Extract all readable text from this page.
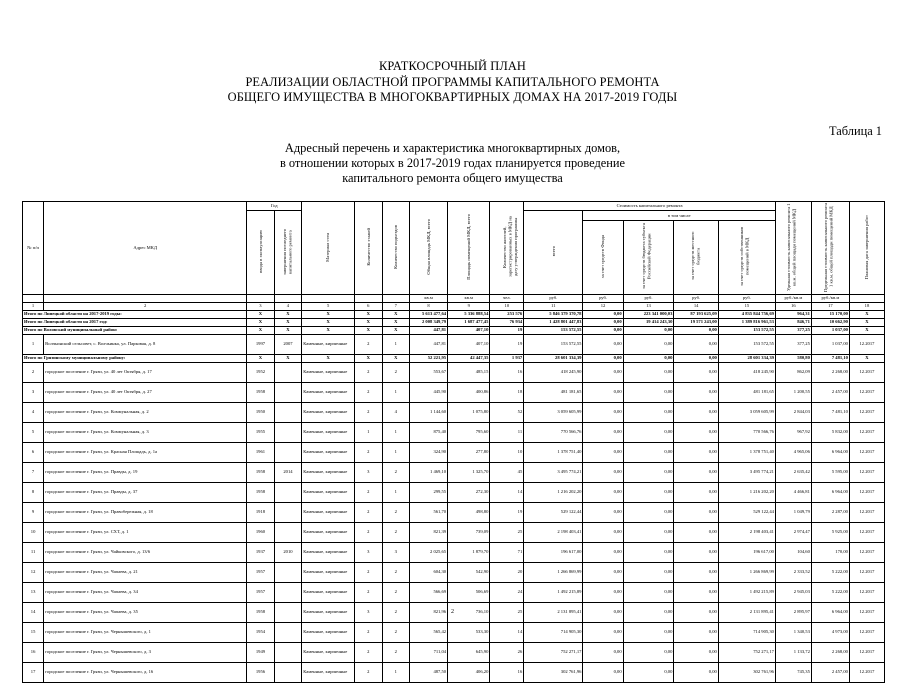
КРАТКОСРОЧНЫЙ ПЛАН
РЕАЛИЗАЦИИ ОБЛАСТНОЙ ПРОГРАММЫ КАПИТАЛЬНОГО РЕМОНТА
ОБЩЕГО ИМУЩЕСТВА В МНОГОКВАРТИРНЫХ ДОМАХ НА 2017-2019 ГОДЫ
Таблица 1
Адресный перечень и характеристика многоквартирных домов,
в отношении которых в 2017-2019 годах планируется проведение
капитального ремонта общего имущества
№ п/п	Адрес МКД	Год		Материал стен	Количество этажей	Количество подъездов	Общая площадь МКД, всего	Площадь помещений МКД, всего	Количество жителей, зарегистрированных в МКД на дату утверждения программы	Стоимость капитального ремонта					Удельная стоимость капитального ремонта 1 кв.м. общей площади помещений МКД	Предельная стоимость капитального ремонта 1 кв.м. общей площади помещений МКД	Плановая дата завершения работ
		ввода в эксплуатацию	завершения последнего капитального ремонта							всего	в том числе						
											за счет средств Фонда	за счет средств бюджета субъекта Российской Федерации	за счет средств местного бюджета	за счет средств собственников помещений в МКД			
							кв.м	кв.м	чел.	руб.	руб.	руб.	руб.	руб.	руб./кв.м	руб./кв.м	
1	2	3	4	5	6	7	8	9	10	11	12	13	14	15	16	17	18
Итого по Липецкой области на 2017-2019 годы:		X	X	X	X	X	5 613 477,64	5 336 888,54	253 576	5 846 379 370,78	0,00	223 341 000,03	87 193 625,09	4 835 844 756,69	964,31	15 170,00	X
Итого по Липецкой области на 2017 год:		X	X	X	X	X	2 008 349,79	1 687 477,45	76 934	1 428 801 447,83	0,00	19 414 243,30	19 571 243,00	1 389 816 961,53	846,71	10 662,90	X
Итого по Воловский муниципальный район:		X	X	X	X	X	447,81	407,10	19	153 572,55	0,00	0,00	0,00	153 572,55	377,25	1 037,00	X
1	Волчьинский сельсовет, с. Волчьинка, ул. Парковая, д. 8	1997	2007	Каменные, кирпичные	2	1	447,81	407,10	19	153 572,55	0,00	0,00	0,00	153 572,55	377,25	1 037,00	12.2017
Итого по Грязинскому муниципальному району:		X	X	X	X	X	52 221,95	42 447,35	1 937	28 601 334,39	0,00	0,00	0,00	28 601 334,39	580,80	7 481,10	X
2	городское поселение г. Грязи, ул. 40 лет Октября, д. 17	1952		Каменные, кирпичные	2	2	553,67	485,15	16	418 245,90	0,00	0,00	0,00	418 245,90	862,09	2 268,00	12.2017
3	городское поселение г. Грязи, ул. 40 лет Октября, д. 27	1958		Каменные, кирпичные	2	1	445,90	400,86	18	481 181,65	0,00	0,00	0,00	481 181,65	1 200,55	2 457,00	12.2017
4	городское поселение г. Грязи, ул. Коммунальная, д. 2	1950		Каменные, кирпичные	2	4	1 144,60	1 075,80	52	3 059 605,99	0,00	0,00	0,00	3 059 605,99	2 844,03	7 481,10	12.2017
5	городское поселение г. Грязи, ул. Коммунальная, д. 3	1955		Каменные, кирпичные	1	1	875,40	795,60	11	770 566,76	0,00	0,00	0,00	770 566,76	967,92	5 832,00	12.2017
6	городское поселение г. Грязи, ул. Красная Площадь, д. 1а	1961		Каменные, кирпичные	2	1	324,90	277,80	10	1 378 751,40	0,00	0,00	0,00	1 378 751,40	4 965,06	6 964,00	12.2017
7	городское поселение г. Грязи, ул. Правды, д. 19	1958	2014	Каменные, кирпичные	3	2	1 469,10	1 325,70	45	3 495 774,21	0,00	0,00	0,00	3 495 774,21	2 635,42	5 595,00	12.2017
8	городское поселение г. Грязи, ул. Правды, д. 37	1958		Каменные, кирпичные	2	1	299,55	272,30	14	1 216 202,20	0,00	0,00	0,00	1 216 202,20	4 466,81	6 964,00	12.2017
9	городское поселение г. Грязи, ул. Правобережная, д. 18	1918		Каменные, кирпичные	2	2	561,70	498,80	19	529 122,44	0,00	0,00	0,00	529 122,44	1 049,79	2 287,00	12.2017
10	городское поселение г. Грязи, ул. СХТ, д. 1	1960		Каменные, кирпичные	2	2	821,39	739,09	25	2 198 403,41	0,00	0,00	0,00	2 198 403,41	2 974,47	5 925,00	12.2017
11	городское поселение г. Грязи, ул. Чайковского, д. 13/6	1937	2010	Каменные, кирпичные	3	3	2 025,65	1 879,70	71	196 617,00	0,00	0,00	0,00	196 617,00	104,60	170,00	12.2017
12	городское поселение г. Грязи, ул. Чапаева, д. 21	1957		Каменные, кирпичные	2	2	604,30	542,90	20	1 266 869,99	0,00	0,00	0,00	1 266 869,99	2 333,52	5 222,00	12.2017
13	городское поселение г. Грязи, ул. Чапаева, д. 34	1957		Каменные, кирпичные	2	2	566,69	506,69	24	1 492 215,89	0,00	0,00	0,00	1 492 215,89	2 945,03	5 222,00	12.2017
14	городское поселение г. Грязи, ул. Чапаева, д. 35	1958		Каменные, кирпичные	3	2	821,96	736,10	25	2 131 895,41	0,00	0,00	0,00	2 131 895,41	2 895,97	6 964,00	12.2017
15	городское поселение г. Грязи, ул. Чернышевского, д. 1	1954		Каменные, кирпичные	2	2	565,42	533,30	14	714 905,30	0,00	0,00	0,00	714 905,30	1 340,53	4 973,00	12.2017
16	городское поселение г. Грязи, ул. Чернышевского, д. 3	1949		Каменные, кирпичные	2	2	711,04	645,90	26	752 271,17	0,00	0,00	0,00	752 271,17	1 133,72	2 268,00	12.2017
17	городское поселение г. Грязи, ул. Чернышевского, д. 16	1956		Каменные, кирпичные	2	1	487,50	406,20	16	302 761,96	0,00	0,00	0,00	302 761,96	745,35	2 457,00	12.2017
2
